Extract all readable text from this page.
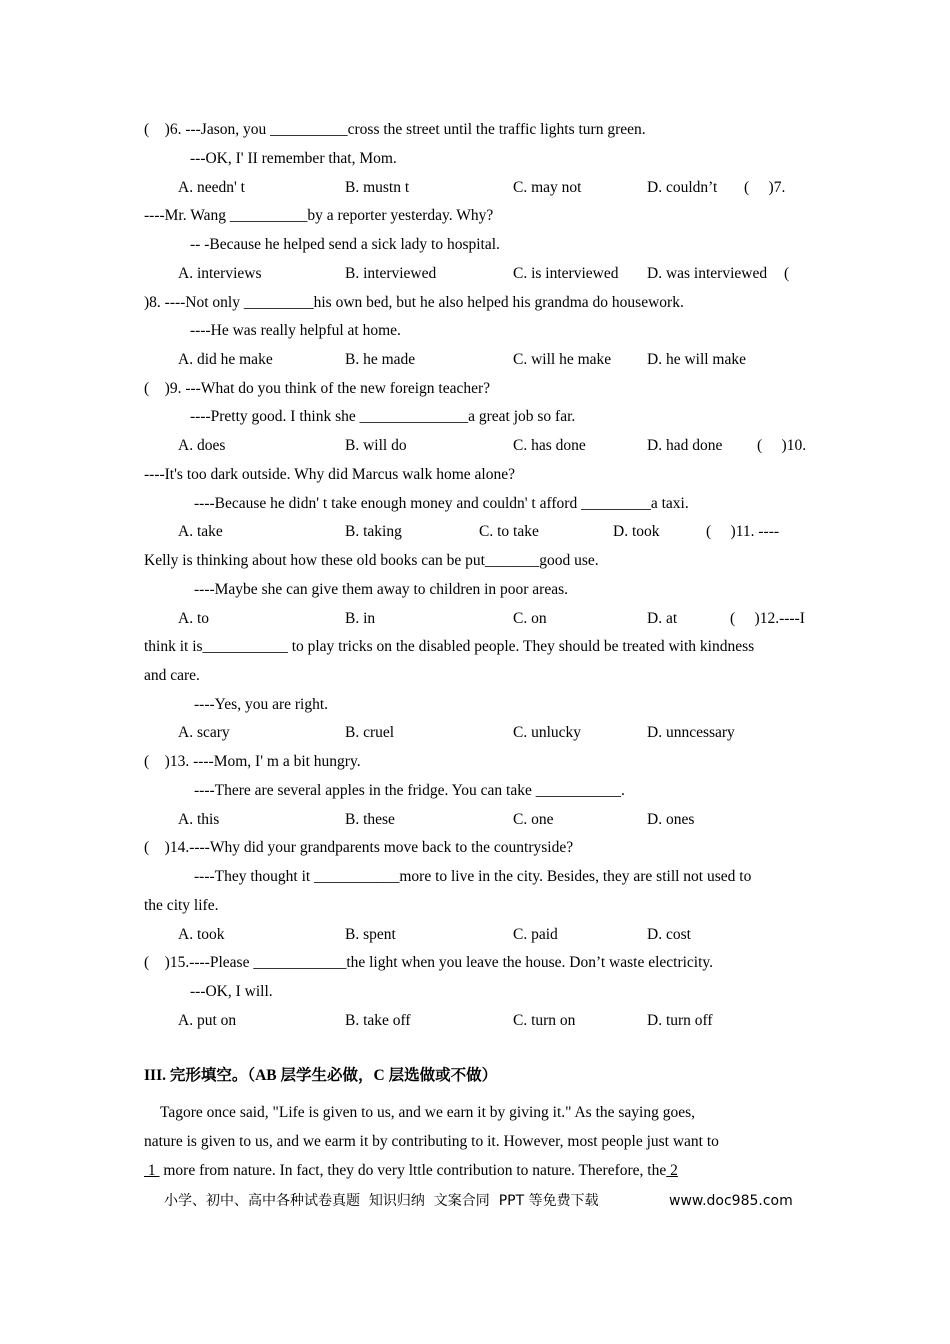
(    )6. ---Jason, you __________cross the street until the traffic lights turn green.
---OK, I' II remember that, Mom.
A. needn' t	B. mustn t	C. may not	D. couldn’t (     )7.
----Mr. Wang __________by a reporter yesterday. Why?
-- -Because he helped send a sick lady to hospital.
A. interviews	B. interviewed	C. is interviewed D. was interviewed (
)8. ----Not only _________his own bed, but he also helped his grandma do housework.
----He was really helpful at home.
A. did he make	B. he made	C. will he make D. he will make
(    )9. ---What do you think of the new foreign teacher?
----Pretty good. I think she ______________a great job so far.
A. does	B. will do	C. has done	D. had done (     )10.
----It's too dark outside. Why did Marcus walk home alone?
----Because he didn' t take enough money and couldn' t afford _________a taxi.
A. take	B. taking	C. to take	D. took	(     )11. ----
Kelly is thinking about how these old books can be put_______good use.
----Maybe she can give them away to children in poor areas.
A. to	B. in	C. on	D. at	(     )12.----I
think it is___________ to play tricks on the disabled people. They should be treated with kindness
and care.
----Yes, you are right.
A. scary	B. cruel	C. unlucky	D. unncessary
(    )13. ----Mom, I' m a bit hungry.
----There are several apples in the fridge. You can take ___________.
A. this	B. these	C. one	D. ones
(    )14.----Why did your grandparents move back to the countryside?
----They thought it ___________more to live in the city. Besides, they are still not used to
the city life.
A. took	B. spent	C. paid	D. cost
(    )15.----Please ____________the light when you leave the house. Don’t waste electricity.
---OK, I will.
A. put on	B. take off	C. turn on	D. turn off
III. 完形填空。（AB 层学生必做，C 层选做或不做）
Tagore once said, "Life is given to us, and we earn it by giving it." As the saying goes,
nature is given to us, and we earm it by contributing to it. However, most people just want to
1  more from nature. In fact, they do very lttle contribution to nature. Therefore, the 2
小学、初中、高中各种试卷真题  知识归纳  文案合同  PPT 等免费下载	www.doc985.com
